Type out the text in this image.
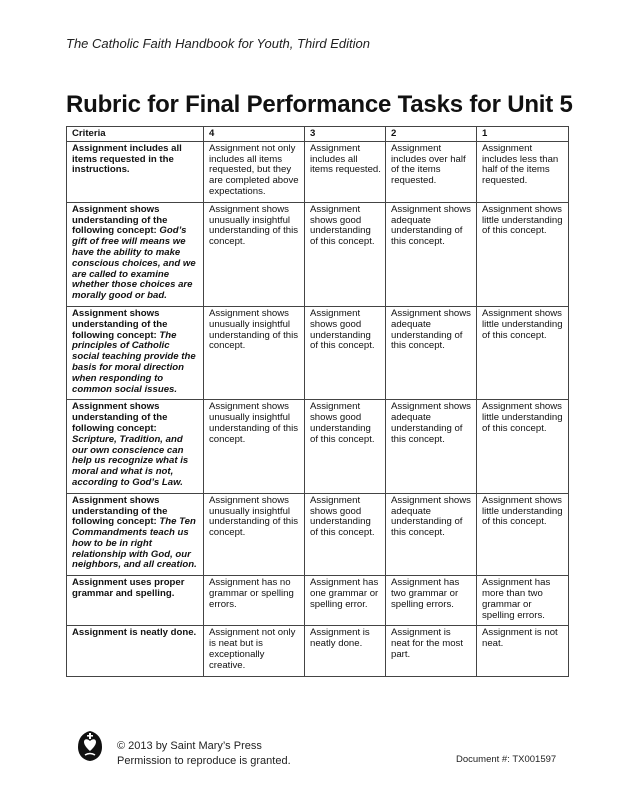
The Catholic Faith Handbook for Youth, Third Edition
Rubric for Final Performance Tasks for Unit 5
Criteria	4	3	2	1
Assignment includes all items requested in the instructions.	Assignment not only includes all items requested, but they are completed above expectations.	Assignment includes all items requested.	Assignment includes over half of the items requested.	Assignment includes less than half of the items requested.
Assignment shows understanding of the following concept: God’s gift of free will means we have the ability to make conscious choices, and we are called to examine whether those choices are morally good or bad.	Assignment shows unusually insightful understanding of this concept.	Assignment shows good understanding of this concept.	Assignment shows adequate understanding of this concept.	Assignment shows little understanding of this concept.
Assignment shows understanding of the following concept: The principles of Catholic social teaching provide the basis for moral direction when responding to common social issues.	Assignment shows unusually insightful understanding of this concept.	Assignment shows good understanding of this concept.	Assignment shows adequate understanding of this concept.	Assignment shows little understanding of this concept.
Assignment shows understanding of the following concept: Scripture, Tradition, and our own conscience can help us recognize what is moral and what is not, according to God’s Law.	Assignment shows unusually insightful understanding of this concept.	Assignment shows good understanding of this concept.	Assignment shows adequate understanding of this concept.	Assignment shows little understanding of this concept.
Assignment shows understanding of the following concept: The Ten Commandments teach us how to be in right relationship with God, our neighbors, and all creation.	Assignment shows unusually insightful understanding of this concept.	Assignment shows good understanding of this concept.	Assignment shows adequate understanding of this concept.	Assignment shows little understanding of this concept.
Assignment uses proper grammar and spelling.	Assignment has no grammar or spelling errors.	Assignment has one grammar or spelling error.	Assignment has two grammar or spelling errors.	Assignment has more than two grammar or spelling errors.
Assignment is neatly done.	Assignment not only is neat but is exceptionally creative.	Assignment is neatly done.	Assignment is neat for the most part.	Assignment is not neat.
© 2013 by Saint Mary’s Press
Permission to reproduce is granted.	Document #: TX001597
